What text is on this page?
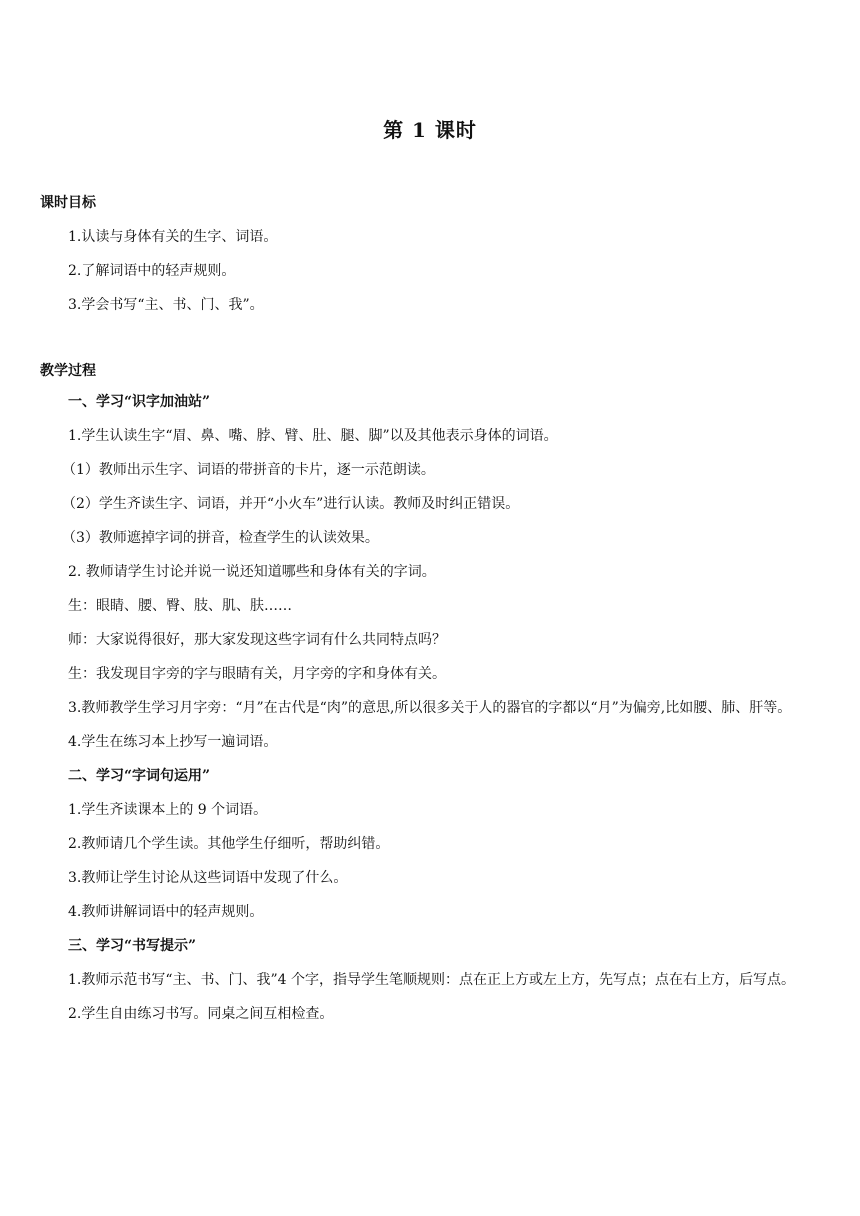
第 1 课时
课时目标

1.认读与身体有关的生字、词语。

2.了解词语中的轻声规则。

3.学会书写“主、书、门、我”。

教学过程

一、学习“识字加油站”

1.学生认读生字“眉、鼻、嘴、脖、臂、肚、腿、脚”以及其他表示身体的词语。

（1）教师出示生字、词语的带拼音的卡片，逐一示范朗读。

（2）学生齐读生字、词语，并开“小火车”进行认读。教师及时纠正错误。

（3）教师遮掉字词的拼音，检查学生的认读效果。

2. 教师请学生讨论并说一说还知道哪些和身体有关的字词。

生：眼睛、腰、臀、肢、肌、肤……

师：大家说得很好，那大家发现这些字词有什么共同特点吗？

生：我发现目字旁的字与眼睛有关，月字旁的字和身体有关。

3.教师教学生学习月字旁：“月”在古代是“肉”的意思,所以很多关于人的器官的字都以“月”为偏旁,比如腰、肺、肝等。

4.学生在练习本上抄写一遍词语。

二、学习“字词句运用”

1.学生齐读课本上的 9 个词语。

2.教师请几个学生读。其他学生仔细听，帮助纠错。

3.教师让学生讨论从这些词语中发现了什么。

4.教师讲解词语中的轻声规则。

三、学习“书写提示”

1.教师示范书写“主、书、门、我”4 个字，指导学生笔顺规则：点在正上方或左上方，先写点；点在右上方，后写点。

2.学生自由练习书写。同桌之间互相检查。
